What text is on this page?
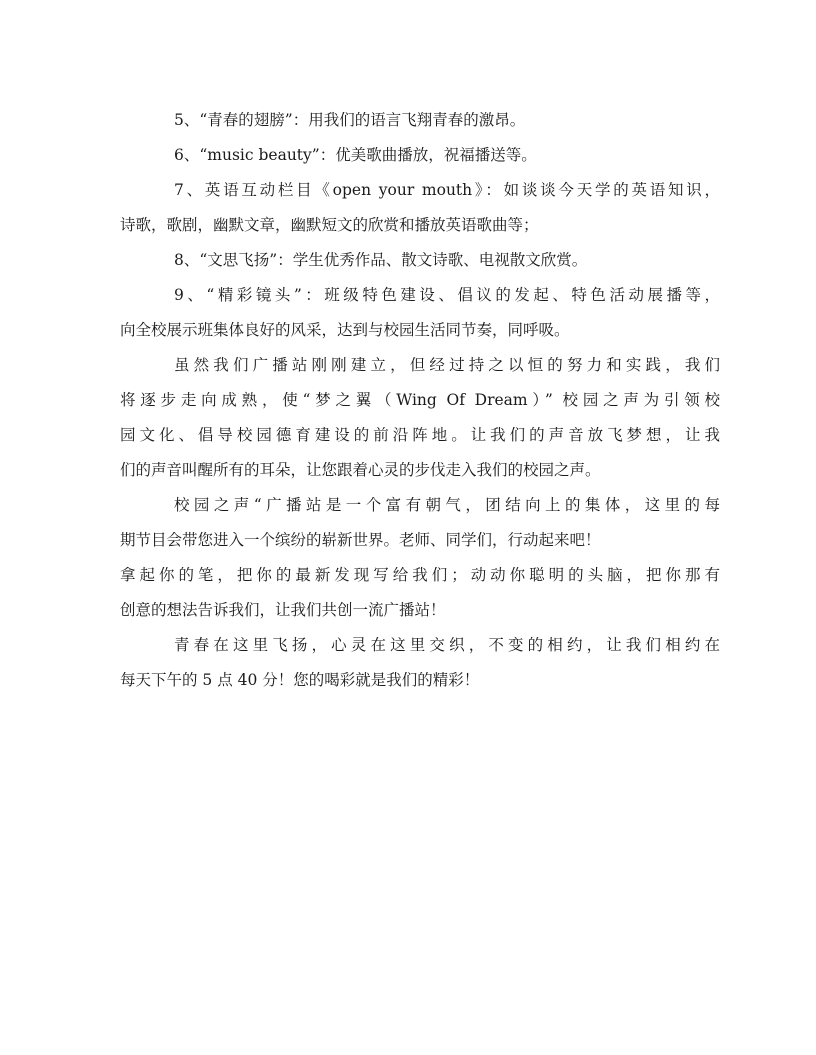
5、“青春的翅膀”：用我们的语言飞翔青春的激昂。
6、“music beauty”：优美歌曲播放，祝福播送等。
7、英语互动栏目《open your mouth》：如谈谈今天学的英语知识，
诗歌，歌剧，幽默文章，幽默短文的欣赏和播放英语歌曲等；
8、“文思飞扬”：学生优秀作品、散文诗歌、电视散文欣赏。
9、“精彩镜头”：班级特色建设、倡议的发起、特色活动展播等，
向全校展示班集体良好的风采，达到与校园生活同节奏，同呼吸。
虽然我们广播站刚刚建立，但经过持之以恒的努力和实践，我们
将逐步走向成熟，使“梦之翼（Wing Of Dream）” 校园之声为引领校
园文化、倡导校园德育建设的前沿阵地。让我们的声音放飞梦想，让我
们的声音叫醒所有的耳朵，让您跟着心灵的步伐走入我们的校园之声。
校园之声“广播站是一个富有朝气，团结向上的集体，这里的每
期节目会带您进入一个缤纷的崭新世界。老师、同学们，行动起来吧！
拿起你的笔，把你的最新发现写给我们；动动你聪明的头脑，把你那有
创意的想法告诉我们，让我们共创一流广播站！
青春在这里飞扬，心灵在这里交织，不变的相约，让我们相约在
每天下午的 5 点 40 分！您的喝彩就是我们的精彩！
